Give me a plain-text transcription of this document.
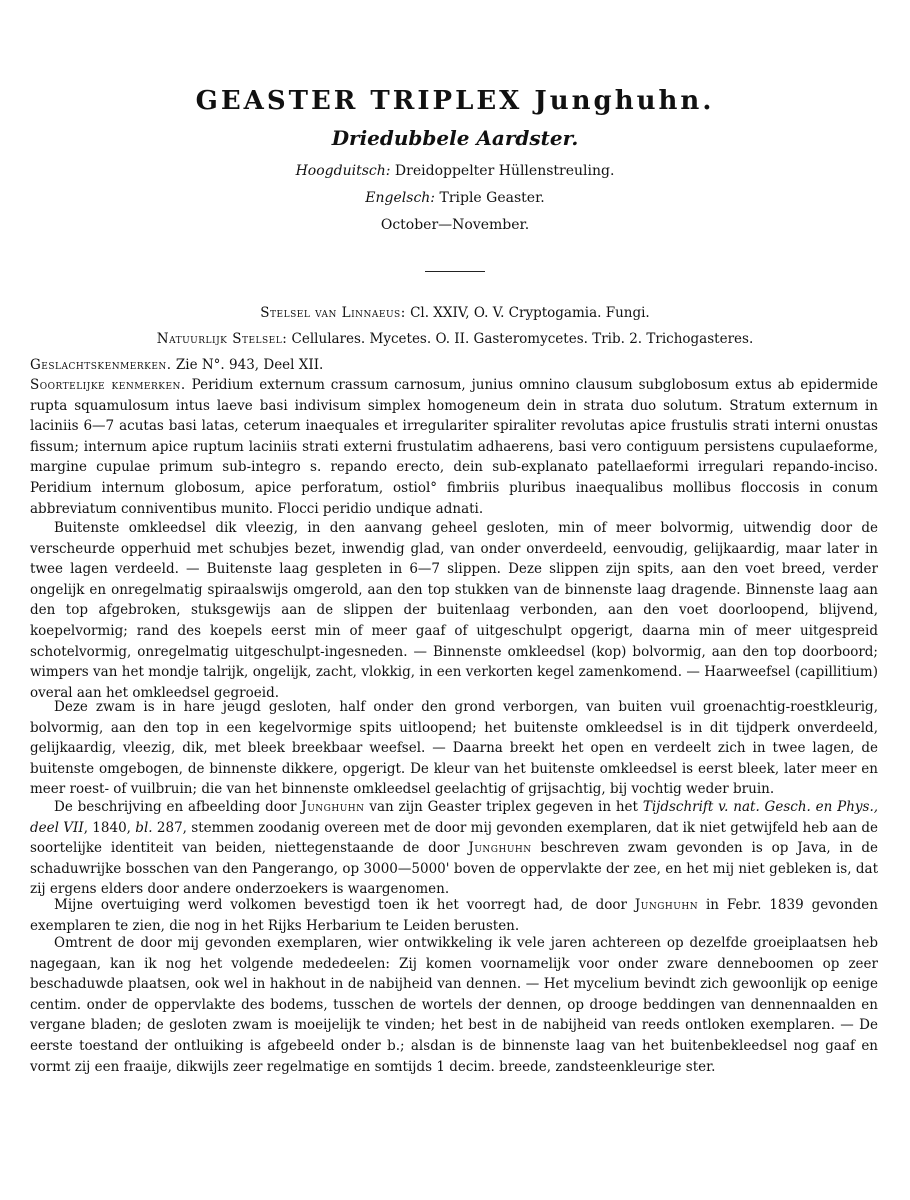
GEASTER TRIPLEX Junghuhn.
Driedubbele Aardster.
Hoogduitsch: Dreidoppelter Hüllenstreuling.
Engelsch: Triple Geaster.
October—November.
Stelsel van Linnaeus: Cl. XXIV, O. V. Cryptogamia. Fungi.
Natuurlijk Stelsel: Cellulares. Mycetes. O. II. Gasteromycetes. Trib. 2. Trichogasteres.
Geslachtskenmerken. Zie N°. 943, Deel XII.
Soortelijke kenmerken. Peridium externum crassum carnosum, junius omnino clausum subglobosum extus ab epidermide rupta squamulosum intus laeve basi indivisum simplex homogeneum dein in strata duo solutum. Stratum externum in laciniis 6—7 acutas basi latas, ceterum inaequales et irregulariter spiraliter revolutas apice frustulis strati interni onustas fissum; internum apice ruptum laciniis strati externi frustulatim adhaerens, basi vero contiguum persistens cupulaeforme, margine cupulae primum sub-integro s. repando erecto, dein sub-explanato patellaeformi irregulari repando-inciso. Peridium internum globosum, apice perforatum, ostiol° fimbriis pluribus inaequalibus mollibus floccosis in conum abbreviatum conniventibus munito. Flocci peridio undique adnati.
Buitenste omkleedsel dik vleezig, in den aanvang geheel gesloten, min of meer bolvormig, uitwendig door de verscheurde opperhuid met schubjes bezet, inwendig glad, van onder onverdeeld, eenvoudig, gelijkaardig, maar later in twee lagen verdeeld. — Buitenste laag gespleten in 6—7 slippen. Deze slippen zijn spits, aan den voet breed, verder ongelijk en onregelmatig spiraalswijs omgerold, aan den top stukken van de binnenste laag dragende. Binnenste laag aan den top afgebroken, stuksgewijs aan de slippen der buitenlaag verbonden, aan den voet doorloopend, blijvend, koepelvormig; rand des koepels eerst min of meer gaaf of uitgeschulpt opgerigt, daarna min of meer uitgespreid schotelvormig, onregelmatig uitgeschulpt-ingesneden. — Binnenste omkleedsel (kop) bolvormig, aan den top doorboord; wimpers van het mondje talrijk, ongelijk, zacht, vlokkig, in een verkorten kegel zamenkomend. — Haarweefsel (capillitium) overal aan het omkleedsel gegroeid.
Deze zwam is in hare jeugd gesloten, half onder den grond verborgen, van buiten vuil groenachtig-roestkleurig, bolvormig, aan den top in een kegelvormige spits uitloopend; het buitenste omkleedsel is in dit tijdperk onverdeeld, gelijkaardig, vleezig, dik, met bleek breekbaar weefsel. — Daarna breekt het open en verdeelt zich in twee lagen, de buitenste omgebogen, de binnenste dikkere, opgerigt. De kleur van het buitenste omkleedsel is eerst bleek, later meer en meer roest- of vuilbruin; die van het binnenste omkleedsel geelachtig of grijsachtig, bij vochtig weder bruin.
De beschrijving en afbeelding door Junghuhn van zijn Geaster triplex gegeven in het Tijdschrift v. nat. Gesch. en Phys., deel VII, 1840, bl. 287, stemmen zoodanig overeen met de door mij gevonden exemplaren, dat ik niet getwijfeld heb aan de soortelijke identiteit van beiden, niettegenstaande de door Junghuhn beschreven zwam gevonden is op Java, in de schaduwrijke bosschen van den Pangerango, op 3000—5000' boven de oppervlakte der zee, en het mij niet gebleken is, dat zij ergens elders door andere onderzoekers is waargenomen.
Mijne overtuiging werd volkomen bevestigd toen ik het voorregt had, de door Junghuhn in Febr. 1839 gevonden exemplaren te zien, die nog in het Rijks Herbarium te Leiden berusten.
Omtrent de door mij gevonden exemplaren, wier ontwikkeling ik vele jaren achtereen op dezelfde groeiplaatsen heb nagegaan, kan ik nog het volgende mededeelen: Zij komen voornamelijk voor onder zware denneboomen op zeer beschaduwde plaatsen, ook wel in hakhout in de nabijheid van dennen. — Het mycelium bevindt zich gewoonlijk op eenige centim. onder de oppervlakte des bodems, tusschen de wortels der dennen, op drooge beddingen van dennennaalden en vergane bladen; de gesloten zwam is moeijelijk te vinden; het best in de nabijheid van reeds ontloken exemplaren. — De eerste toestand der ontluiking is afgebeeld onder b.; alsdan is de binnenste laag van het buitenbekleedsel nog gaaf en vormt zij een fraaije, dikwijls zeer regelmatige en somtijds 1 decim. breede, zandsteenkleurige ster.
